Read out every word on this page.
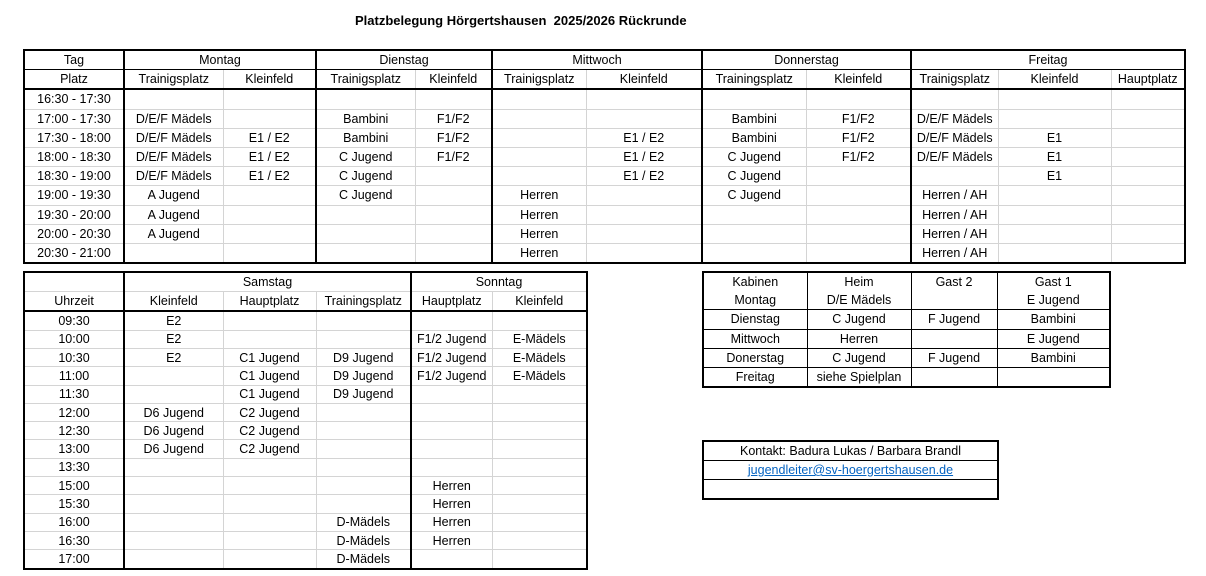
Platzbelegung Hörgertshausen  2025/2026 Rückrunde
Tag	Montag		Dienstag		Mittwoch		Donnerstag		Freitag		
Platz	Trainigsplatz	Kleinfeld	Trainigsplatz	Kleinfeld	Trainigsplatz	Kleinfeld	Trainingsplatz	Kleinfeld	Trainigsplatz	Kleinfeld	Hauptplatz
16:30 - 17:30											
17:00 - 17:30	D/E/F Mädels		Bambini	F1/F2			Bambini	F1/F2	D/E/F Mädels		
17:30 - 18:00	D/E/F Mädels	E1 / E2	Bambini	F1/F2		E1 / E2	Bambini	F1/F2	D/E/F Mädels	E1	
18:00 - 18:30	D/E/F Mädels	E1 / E2	C Jugend	F1/F2		E1 / E2	C Jugend	F1/F2	D/E/F Mädels	E1	
18:30 - 19:00	D/E/F Mädels	E1 / E2	C Jugend			E1 / E2	C Jugend			E1	
19:00 - 19:30	A Jugend		C Jugend		Herren		C Jugend		Herren / AH		
19:30 - 20:00	A Jugend				Herren				Herren / AH		
20:00 - 20:30	A Jugend				Herren				Herren / AH		
20:30 - 21:00					Herren				Herren / AH		
	Samstag			Sonntag	
Uhrzeit	Kleinfeld	Hauptplatz	Trainingsplatz	Hauptplatz	Kleinfeld
09:30	E2				
10:00	E2			F1/2 Jugend	E-Mädels
10:30	E2	C1 Jugend	D9 Jugend	F1/2 Jugend	E-Mädels
11:00		C1 Jugend	D9 Jugend	F1/2 Jugend	E-Mädels
11:30		C1 Jugend	D9 Jugend		
12:00	D6 Jugend	C2 Jugend			
12:30	D6 Jugend	C2 Jugend			
13:00	D6 Jugend	C2 Jugend			
13:30					
15:00				Herren	
15:30				Herren	
16:00			D-Mädels	Herren	
16:30			D-Mädels	Herren	
17:00			D-Mädels		
Kabinen	Heim	Gast 2	Gast 1
Montag	D/E Mädels		E Jugend
Dienstag	C Jugend	F Jugend	Bambini
Mittwoch	Herren		E Jugend
Donerstag	C Jugend	F Jugend	Bambini
Freitag	siehe Spielplan		
Kontakt: Badura Lukas / Barbara Brandl
jugendleiter@sv-hoergertshausen.de
